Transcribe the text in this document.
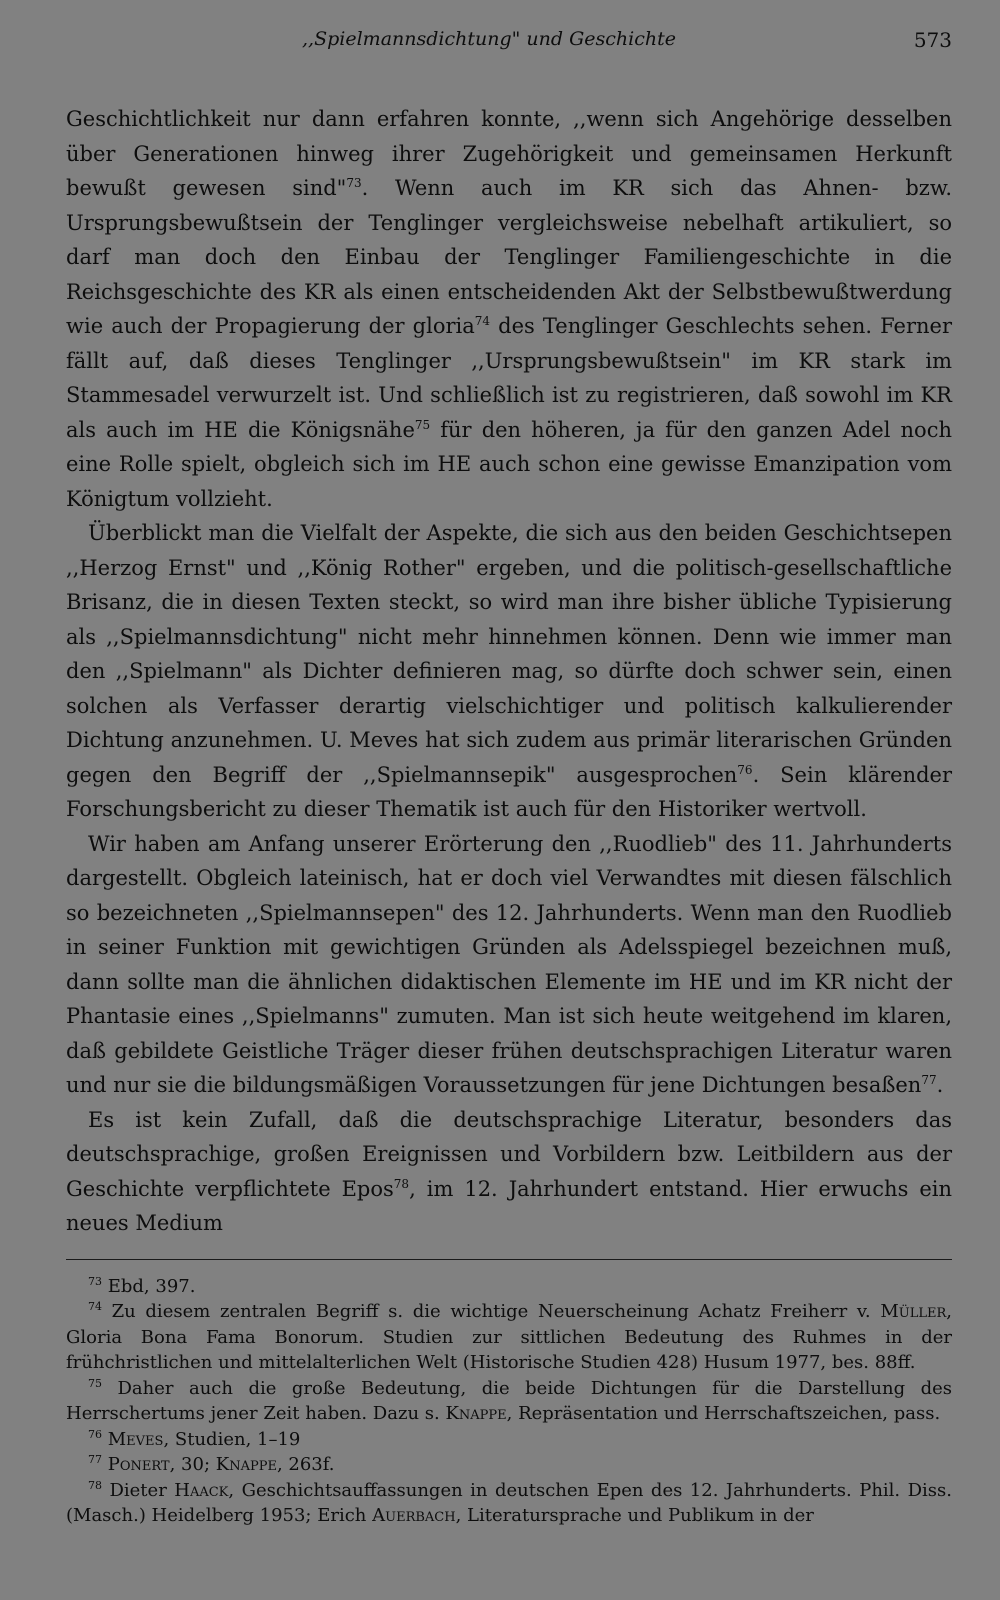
,,Spielmannsdichtung" und Geschichte	573

Geschichtlichkeit nur dann erfahren konnte, ,,wenn sich Angehörige desselben über Generationen hinweg ihrer Zugehörigkeit und gemeinsamen Herkunft bewußt gewesen sind"$^{73}$. Wenn auch im KR sich das Ahnen- bzw. Ursprungsbewußtsein der Tenglinger vergleichsweise nebelhaft artikuliert, so darf man doch den Einbau der Tenglinger Familiengeschichte in die Reichsgeschichte des KR als einen entscheidenden Akt der Selbstbewußtwerdung wie auch der Propagierung der gloria$^{74}$ des Tenglinger Geschlechts sehen. Ferner fällt auf, daß dieses Tenglinger ,,Ursprungsbewußtsein" im KR stark im Stammesadel verwurzelt ist. Und schließlich ist zu registrieren, daß sowohl im KR als auch im HE die Königsnähe$^{75}$ für den höheren, ja für den ganzen Adel noch eine Rolle spielt, obgleich sich im HE auch schon eine gewisse Emanzipation vom Königtum vollzieht.

Überblickt man die Vielfalt der Aspekte, die sich aus den beiden Geschichtsepen ,,Herzog Ernst" und ,,König Rother" ergeben, und die politisch-gesellschaftliche Brisanz, die in diesen Texten steckt, so wird man ihre bisher übliche Typisierung als ,,Spielmannsdichtung" nicht mehr hinnehmen können. Denn wie immer man den ,,Spielmann" als Dichter definieren mag, so dürfte doch schwer sein, einen solchen als Verfasser derartig vielschichtiger und politisch kalkulierender Dichtung anzunehmen. U. Meves hat sich zudem aus primär literarischen Gründen gegen den Begriff der ,,Spielmannsepik" ausgesprochen$^{76}$. Sein klärender Forschungsbericht zu dieser Thematik ist auch für den Historiker wertvoll.

Wir haben am Anfang unserer Erörterung den ,,Ruodlieb" des 11. Jahrhunderts dargestellt. Obgleich lateinisch, hat er doch viel Verwandtes mit diesen fälschlich so bezeichneten ,,Spielmannsepen" des 12. Jahrhunderts. Wenn man den Ruodlieb in seiner Funktion mit gewichtigen Gründen als Adelsspiegel bezeichnen muß, dann sollte man die ähnlichen didaktischen Elemente im HE und im KR nicht der Phantasie eines ,,Spielmanns" zumuten. Man ist sich heute weitgehend im klaren, daß gebildete Geistliche Träger dieser frühen deutschsprachigen Literatur waren und nur sie die bildungsmäßigen Voraussetzungen für jene Dichtungen besaßen$^{77}$.

Es ist kein Zufall, daß die deutschsprachige Literatur, besonders das deutschsprachige, großen Ereignissen und Vorbildern bzw. Leitbildern aus der Geschichte verpflichtete Epos$^{78}$, im 12. Jahrhundert entstand. Hier erwuchs ein neues Medium

$^{73}$ Ebd, 397.

$^{74}$ Zu diesem zentralen Begriff s. die wichtige Neuerscheinung Achatz Freiherr v. Müller, Gloria Bona Fama Bonorum. Studien zur sittlichen Bedeutung des Ruhmes in der frühchristlichen und mittelalterlichen Welt (Historische Studien 428) Husum 1977, bes. 88ff.

$^{75}$ Daher auch die große Bedeutung, die beide Dichtungen für die Darstellung des Herrschertums jener Zeit haben. Dazu s. Knappe, Repräsentation und Herrschaftszeichen, pass.

$^{76}$ Meves, Studien, 1–19

$^{77}$ Ponert, 30; Knappe, 263f.

$^{78}$ Dieter Haack, Geschichtsauffassungen in deutschen Epen des 12. Jahrhunderts. Phil. Diss. (Masch.) Heidelberg 1953; Erich Auerbach, Literatursprache und Publikum in der
